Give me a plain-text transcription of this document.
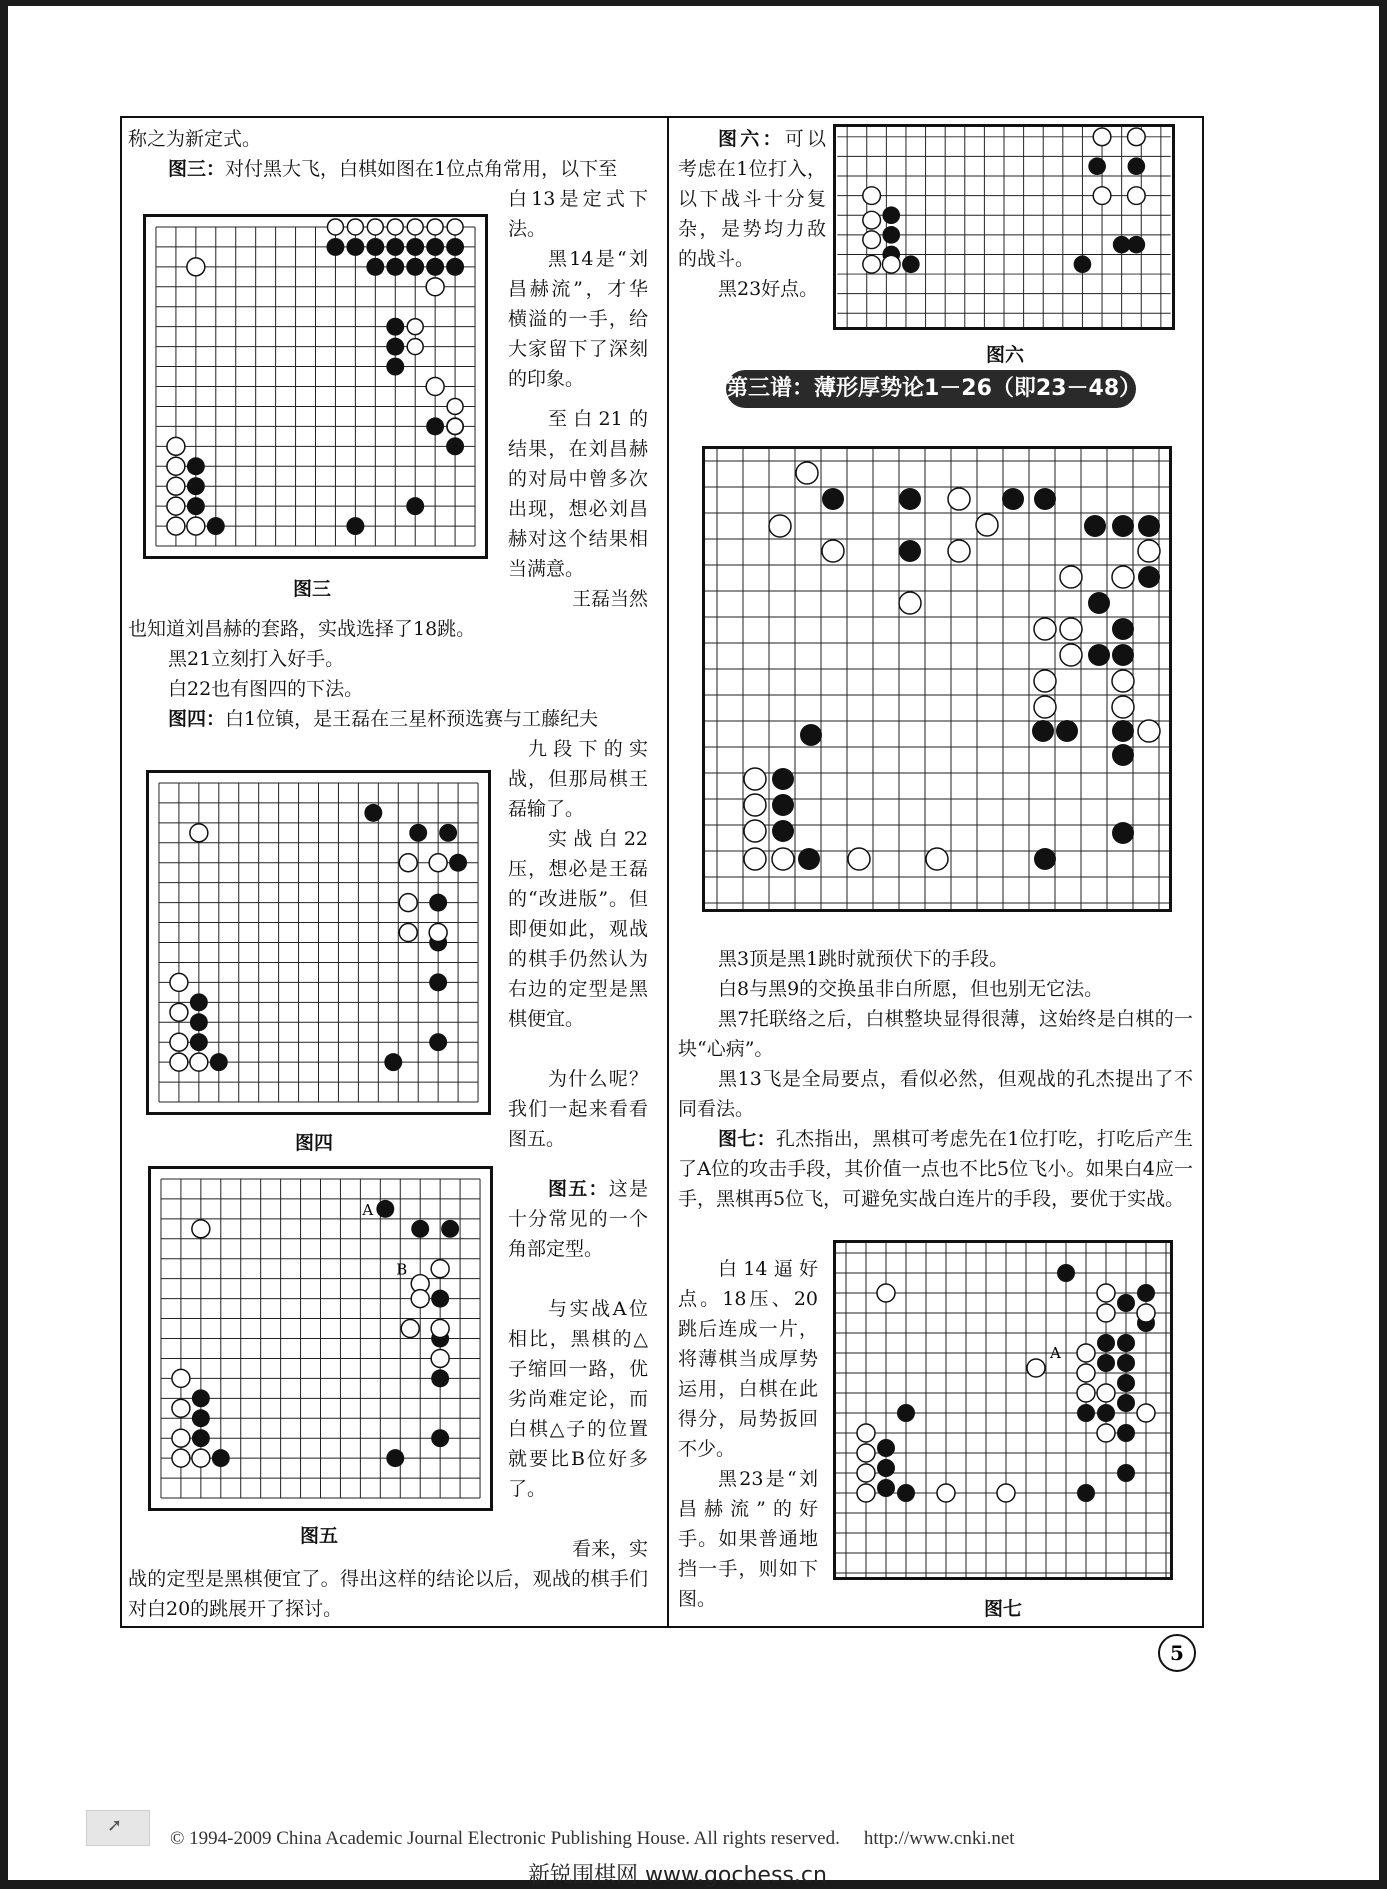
称之为新定式。

图三：对付黑大飞，白棋如图在1位点角常用，以下至

图三

白13是定式下法。

黑14是“刘昌赫流”，才华横溢的一手，给大家留下了深刻的印象。

至白21的结果，在刘昌赫的对局中曾多次出现，想必刘昌赫对这个结果相当满意。

王磊当然

也知道刘昌赫的套路，实战选择了18跳。

黑21立刻打入好手。

白22也有图四的下法。

图四：白1位镇，是王磊在三星杯预选赛与工藤纪夫

图四

九段下的实战，但那局棋王磊输了。

实战白22压，想必是王磊的“改进版”。但即便如此，观战的棋手仍然认为右边的定型是黑棋便宜。

为什么呢？我们一起来看看图五。

A
B
图五

图五：这是十分常见的一个角部定型。

与实战A位相比，黑棋的△子缩回一路，优劣尚难定论，而白棋△子的位置就要比B位好多了。

看来，实

战的定型是黑棋便宜了。得出这样的结论以后，观战的棋手们对白20的跳展开了探讨。

图六：可以考虑在1位打入，以下战斗十分复杂，是势均力敌的战斗。

黑23好点。

图六
第三谱：薄形厚势论1－26（即23－48）

黑3顶是黑1跳时就预伏下的手段。

白8与黑9的交换虽非白所愿，但也别无它法。

黑7托联络之后，白棋整块显得很薄，这始终是白棋的一块“心病”。

黑13飞是全局要点，看似必然，但观战的孔杰提出了不同看法。

图七：孔杰指出，黑棋可考虑先在1位打吃，打吃后产生了A位的攻击手段，其价值一点也不比5位飞小。如果白4应一手，黑棋再5位飞，可避免实战白连片的手段，要优于实战。

A
图七

白14逼好点。18压、20跳后连成一片，将薄棋当成厚势运用，白棋在此得分，局势扳回不少。

黑23是“刘昌赫流”的好手。如果普通地挡一手，则如下图。

5
➚
© 1994-2009 China Academic Journal Electronic Publishing House. All rights reserved. http://www.cnki.net
新锐围棋网 www.gochess.cn
